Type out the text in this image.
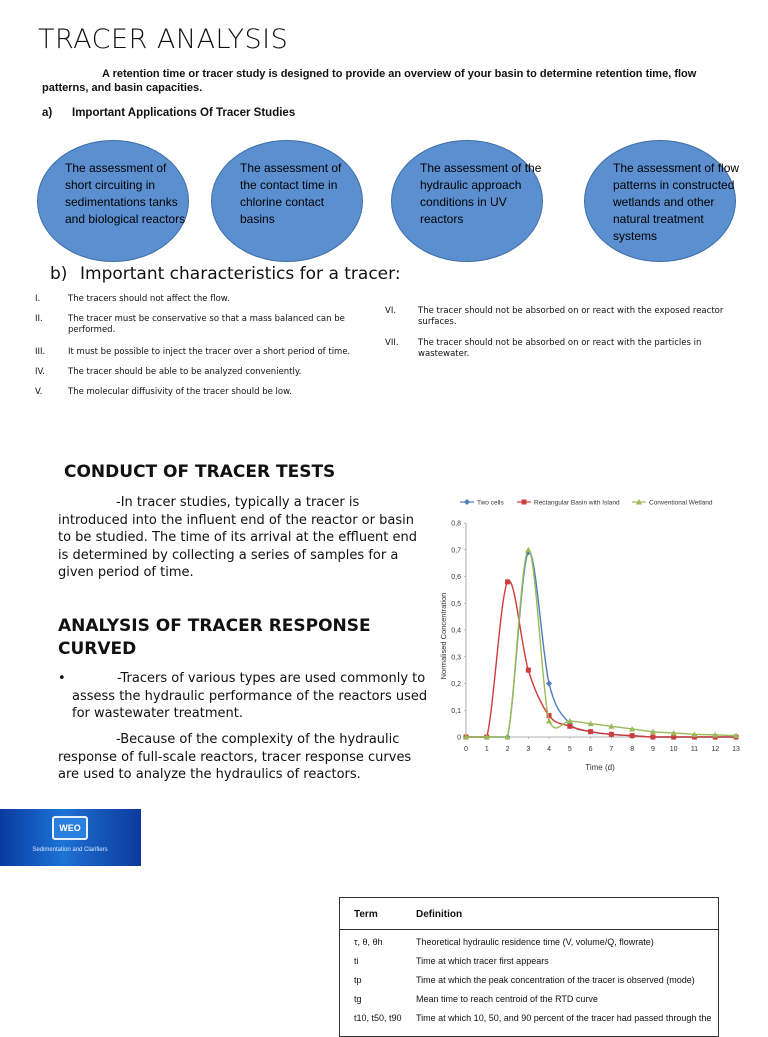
TRACER ANALYSIS
A retention time or tracer study is designed to provide an overview of your basin to determine retention time, flow patterns, and basin capacities.
a) Important Applications Of Tracer Studies
The assessment of short circuiting in sedimentations tanks and biological reactors
The assessment of the contact time in chlorine contact basins
The assessment of the hydraulic approach conditions in UV reactors
The assessment of flow patterns in constructed wetlands and other natural treatment systems
b) Important characteristics for a tracer:
I.	The tracers should not affect the flow.
II.	The tracer must be conservative so that a mass balanced can be performed.
III.	It must be possible to inject the tracer over a short period of time.
IV.	The tracer should be able to be analyzed conveniently.
V.	The molecular diffusivity of the tracer should be low.
VI.	The tracer should not be absorbed on or react with the exposed reactor surfaces.
VII. The tracer should not be absorbed on or react with the particles in wastewater.
CONDUCT OF TRACER TESTS
-In tracer studies, typically a tracer is introduced into the influent end of the reactor or basin to be studied. The time of its arrival at the effluent end is determined by collecting a series of samples for a given period of time.
ANALYSIS OF TRACER RESPONSE CURVED
•	-Tracers of various types are used commonly to assess the hydraulic performance of the reactors used for wastewater treatment.
-Because of the complexity of the hydraulic response of full-scale reactors, tracer response curves are used to analyze the hydraulics of reactors.
Two cells	Rectangular Basin with Island	Conventional Wetland
0
0,1
0,2
0,3
0,4
0,5
0,6
0,7
0,8
0 1 2 3 4 5 6 7 8 9 10 11 12 13
Time (d)
Normalised Concentration
WEO
Sedimentation and Clarifiers
Term	Definition
τ, θ, θh	Theoretical hydraulic residence time (V, volume/Q, flowrate)
ti	Time at which tracer first appears
tp	Time at which the peak concentration of the tracer is observed (mode)
tg	Mean time to reach centroid of the RTD curve
t10, t50, t90 Time at which 10, 50, and 90 percent of the tracer had passed through the
